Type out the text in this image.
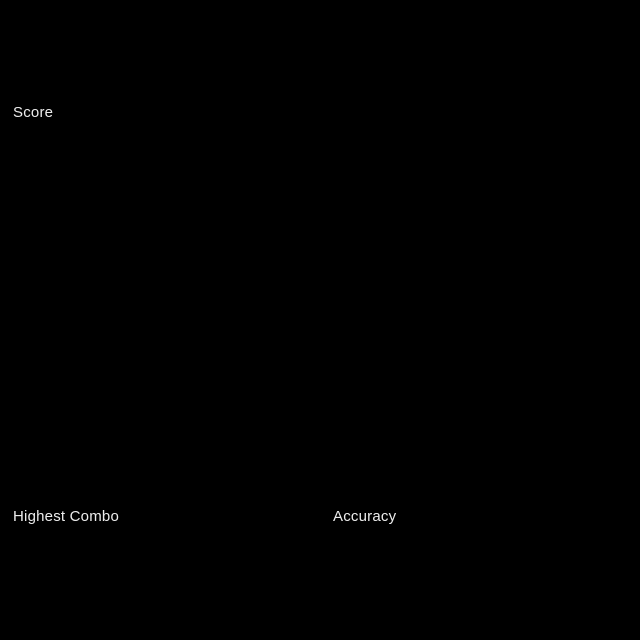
Score
Highest Combo	Accuracy
